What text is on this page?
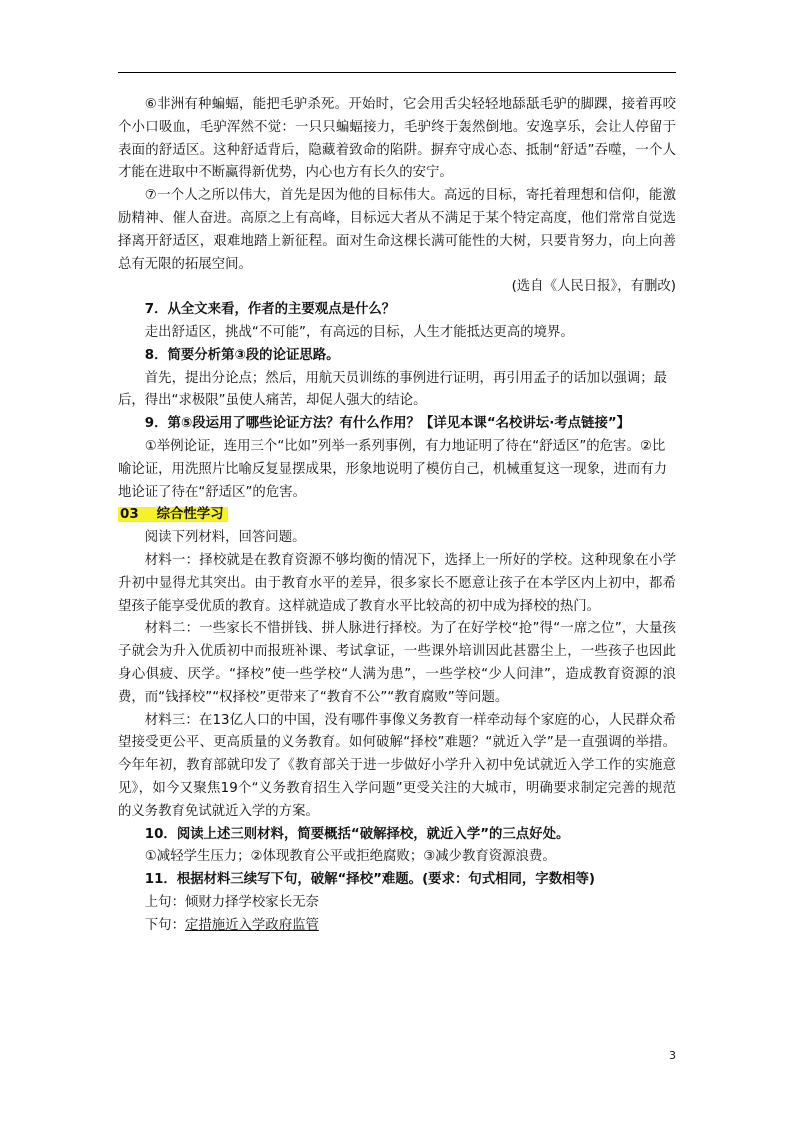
⑥非洲有种蝙蝠，能把毛驴杀死。开始时，它会用舌尖轻轻地舔舐毛驴的脚踝，接着再咬个小口吸血，毛驴浑然不觉：一只只蝙蝠接力，毛驴终于轰然倒地。安逸享乐，会让人停留于表面的舒适区。这种舒适背后，隐藏着致命的陷阱。摒弃守成心态、抵制“舒适”吞噬，一个人才能在进取中不断赢得新优势，内心也方有长久的安宁。

⑦一个人之所以伟大，首先是因为他的目标伟大。高远的目标，寄托着理想和信仰，能激励精神、催人奋进。高原之上有高峰，目标远大者从不满足于某个特定高度，他们常常自觉选择离开舒适区，艰难地踏上新征程。面对生命这棵长满可能性的大树，只要肯努力，向上向善总有无限的拓展空间。

(选自《人民日报》，有删改)

7．从全文来看，作者的主要观点是什么？

走出舒适区，挑战“不可能”，有高远的目标，人生才能抵达更高的境界。

8．简要分析第③段的论证思路。

首先，提出分论点；然后，用航天员训练的事例进行证明，再引用孟子的话加以强调；最后，得出“求极限”虽使人痛苦，却促人强大的结论。

9．第⑤段运用了哪些论证方法？有什么作用？【详见本课“名校讲坛·考点链接”】

①举例论证，连用三个“比如”列举一系列事例，有力地证明了待在“舒适区”的危害。②比喻论证，用洗照片比喻反复显摆成果，形象地说明了模仿自己，机械重复这一现象，进而有力地论证了待在“舒适区”的危害。

03 综合性学习

阅读下列材料，回答问题。

材料一：择校就是在教育资源不够均衡的情况下，选择上一所好的学校。这种现象在小学升初中显得尤其突出。由于教育水平的差异，很多家长不愿意让孩子在本学区内上初中，都希望孩子能享受优质的教育。这样就造成了教育水平比较高的初中成为择校的热门。

材料二：一些家长不惜拼钱、拼人脉进行择校。为了在好学校“抢”得“一席之位”，大量孩子就会为升入优质初中而报班补课、考试拿证，一些课外培训因此甚嚣尘上，一些孩子也因此身心俱疲、厌学。“择校”使一些学校“人满为患”，一些学校“少人问津”，造成教育资源的浪费，而“钱择校”“权择校”更带来了“教育不公”“教育腐败”等问题。

材料三：在13亿人口的中国，没有哪件事像义务教育一样牵动每个家庭的心，人民群众希望接受更公平、更高质量的义务教育。如何破解“择校”难题？“就近入学”是一直强调的举措。今年年初，教育部就印发了《教育部关于进一步做好小学升入初中免试就近入学工作的实施意见》，如今又聚焦19个“义务教育招生入学问题”更受关注的大城市，明确要求制定完善的规范的义务教育免试就近入学的方案。

10．阅读上述三则材料，简要概括“破解择校，就近入学”的三点好处。

①减轻学生压力；②体现教育公平或拒绝腐败；③减少教育资源浪费。

11．根据材料三续写下句，破解“择校”难题。(要求：句式相同，字数相等)

上句：倾财力择学校家长无奈

下句：定措施近入学政府监管

3
